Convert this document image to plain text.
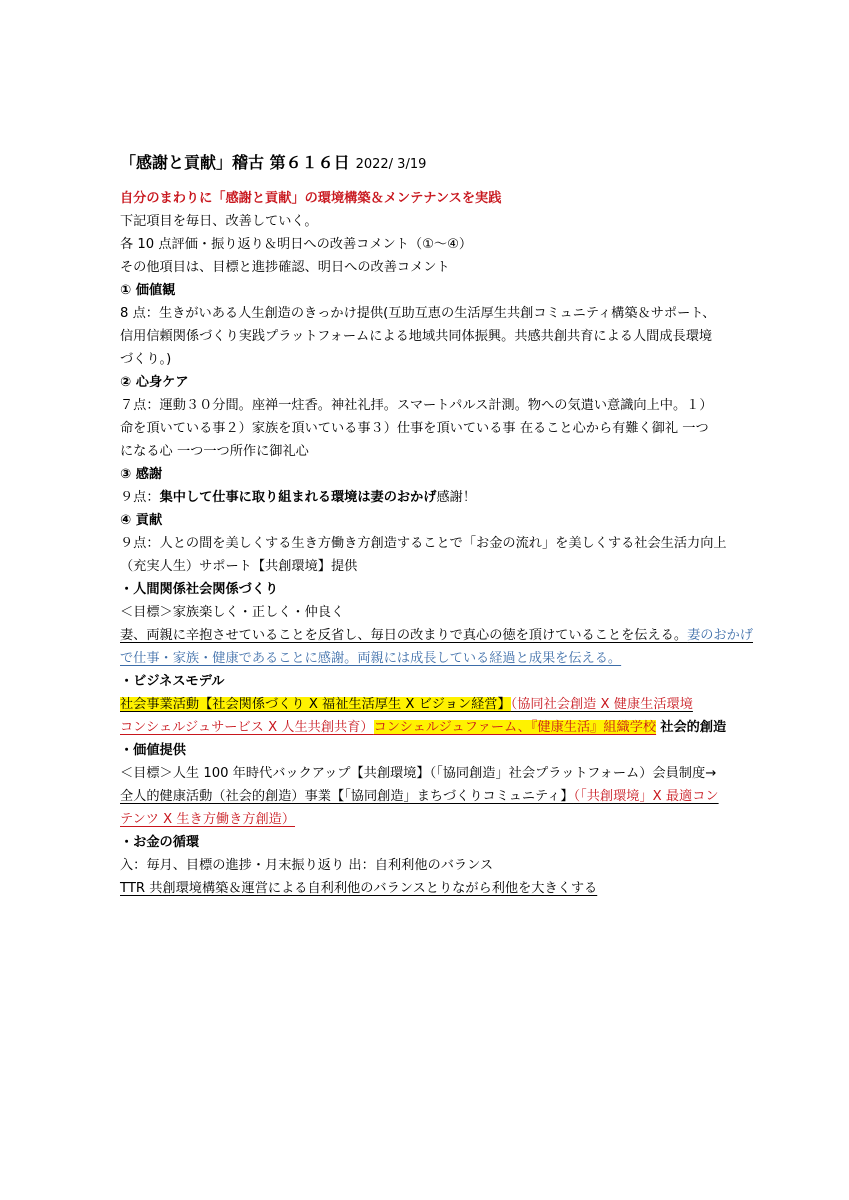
「感謝と貢献」稽古 第６１６日 2022/ 3/19
自分のまわりに「感謝と貢献」の環境構築＆メンテナンスを実践
下記項目を毎日、改善していく。
各 10 点評価・振り返り＆明日への改善コメント（①～④）
その他項目は、目標と進捗確認、明日への改善コメント
① 価値観
8 点：生きがいある人生創造のきっかけ提供(互助互恵の生活厚生共創コミュニティ構築＆サポート、
信用信頼関係づくり実践プラットフォームによる地域共同体振興。共感共創共育による人間成長環境
づくり。)
② 心身ケア
７点：運動３０分間。座禅一炷香。神社礼拝。スマートパルス計測。物への気遣い意識向上中。１）
命を頂いている事２）家族を頂いている事３）仕事を頂いている事 在ること心から有難く御礼 一つ
になる心 一つ一つ所作に御礼心
③ 感謝
９点：集中して仕事に取り組まれる環境は妻のおかげ感謝！
④ 貢献
９点：人との間を美しくする生き方働き方創造することで「お金の流れ」を美しくする社会生活力向上
（充実人生）サポート【共創環境】提供
・人間関係社会関係づくり
＜目標＞家族楽しく・正しく・仲良く
妻、両親に辛抱させていることを反省し、毎日の改まりで真心の徳を頂けていることを伝える。妻のおかげ
で仕事・家族・健康であることに感謝。両親には成長している経過と成果を伝える。
・ビジネスモデル
社会事業活動【社会関係づくり X 福祉生活厚生 X ビジョン経営】（協同社会創造 X 健康生活環境
コンシェルジュサービス X 人生共創共育）コンシェルジュファーム、『健康生活』組織学校 社会的創造
・価値提供
＜目標＞人生 100 年時代バックアップ【共創環境】（「協同創造」社会プラットフォーム）会員制度→
全人的健康活動（社会的創造）事業【「協同創造」まちづくりコミュニティ】（「共創環境」X 最適コン
テンツ X 生き方働き方創造）
・お金の循環
入：毎月、目標の進捗・月末振り返り 出：自利利他のバランス
TTR 共創環境構築＆運営による自利利他のバランスとりながら利他を大きくする
